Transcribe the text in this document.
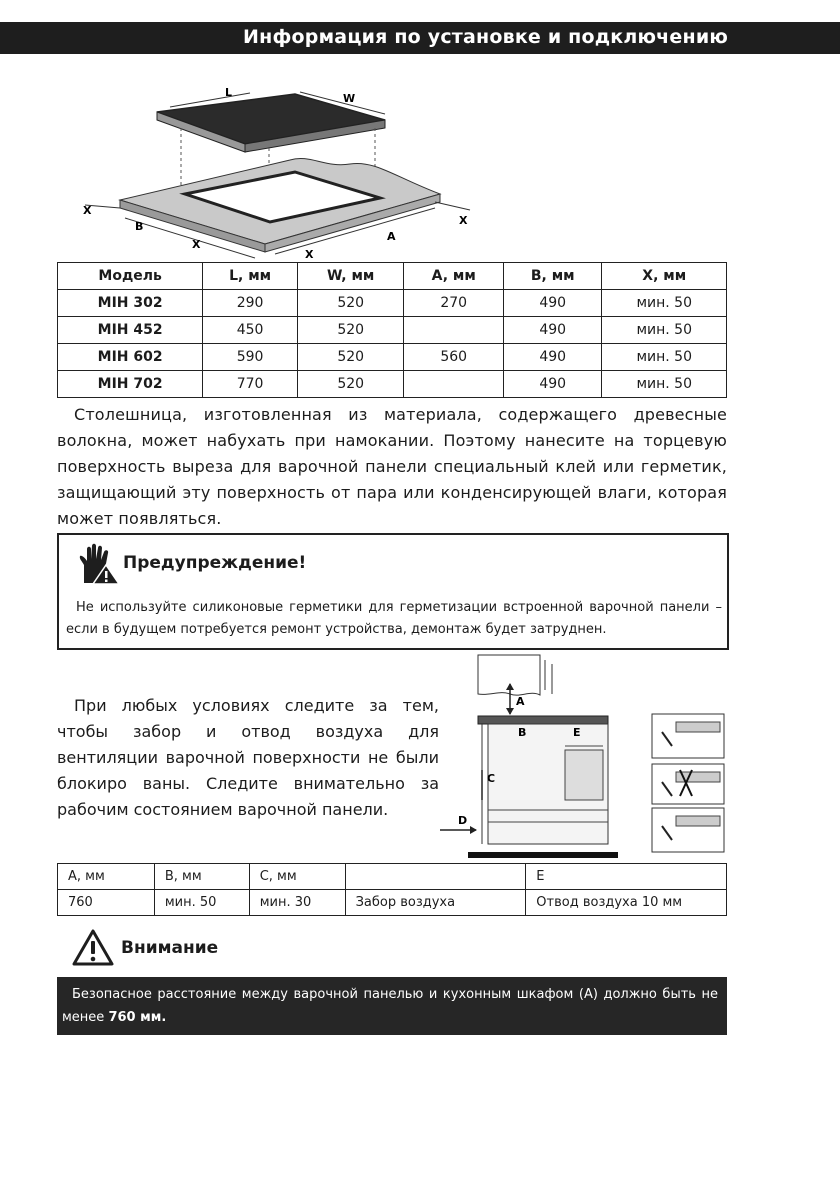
Информация по установке и подключению
L	W
X
B
X
X
A
X
Модель	L, мм	W, мм	A, мм	B, мм	X, мм
MIH 302	290	520	270	490	мин. 50
MIH 452	450	520		490	мин. 50
MIH 602	590	520	560	490	мин. 50
MIH 702	770	520		490	мин. 50
Столешница, изготовленная из материала, содержащего древесные волокна, может набухать при намокании. Поэтому нанесите на торцевую поверхность выреза для варочной панели специальный клей или герметик, защищающий эту поверхность от пара или конденсирующей влаги, которая может появляться.
Предупреждение!
Не используйте силиконовые герметики для герметизации встроенной варочной панели – если в будущем потребуется ремонт устройства, демонтаж будет затруднен.
При любых условиях следите за тем, чтобы забор и отвод воздуха для вентиляции варочной поверхности не были блокиро ваны. Следите внимательно за рабочим состоянием варочной панели.
A
B	E
C
D
A, мм	B, мм	C, мм		E
760	мин. 50	мин. 30	Забор воздуха	Отвод воздуха 10 мм
Внимание
Безопасное расстояние между варочной панелью и кухонным шкафом (A) должно быть не менее 760 мм.
